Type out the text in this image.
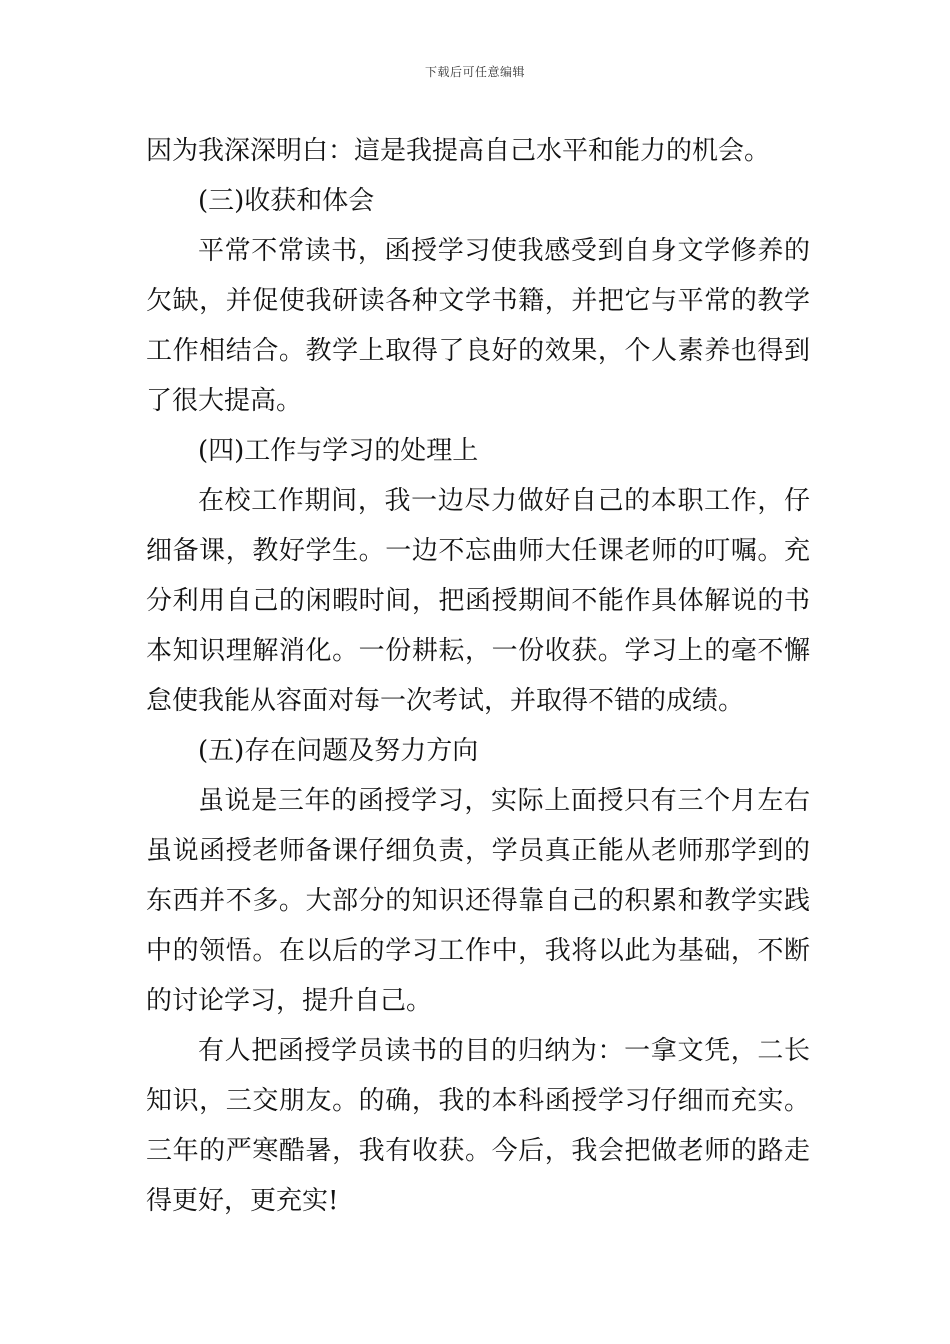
下载后可任意编辑

因为我深深明白：這是我提高自己水平和能力的机会。

(三)收获和体会

平常不常读书，函授学习使我感受到自身文学修养的欠缺，并促使我研读各种文学书籍，并把它与平常的教学工作相结合。教学上取得了良好的效果，个人素养也得到了很大提高。

(四)工作与学习的处理上

在校工作期间，我一边尽力做好自己的本职工作，仔细备课，教好学生。一边不忘曲师大任课老师的叮嘱。充分利用自己的闲暇时间，把函授期间不能作具体解说的书本知识理解消化。一份耕耘，一份收获。学习上的毫不懈怠使我能从容面对每一次考试，并取得不错的成绩。

(五)存在问题及努力方向

虽说是三年的函授学习，实际上面授只有三个月左右虽说函授老师备课仔细负责，学员真正能从老师那学到的东西并不多。大部分的知识还得靠自己的积累和教学实践中的领悟。在以后的学习工作中，我将以此为基础，不断的讨论学习，提升自己。

有人把函授学员读书的目的归纳为：一拿文凭，二长知识，三交朋友。的确，我的本科函授学习仔细而充实。三年的严寒酷暑，我有收获。今后，我会把做老师的路走得更好，更充实!
